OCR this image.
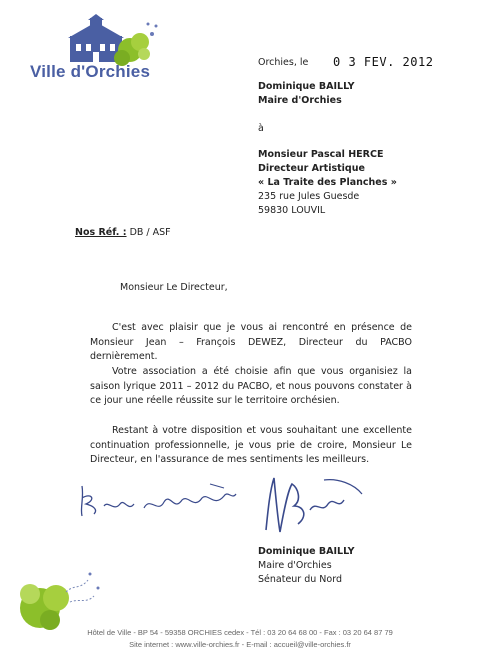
Ville d'Orchies	Orchies, le 0 3 FEV. 2012
Dominique BAILLY
Maire d'Orchies
à
Monsieur Pascal HERCE
Directeur Artistique
« La Traite des Planches »
235 rue Jules Guesde
59830 LOUVIL
Nos Réf. : DB / ASF
Monsieur Le Directeur,
C'est avec plaisir que je vous ai rencontré en présence de Monsieur Jean – François DEWEZ, Directeur du PACBO dernièrement.
Votre association a été choisie afin que vous organisiez la saison lyrique 2011 – 2012 du PACBO, et nous pouvons constater à ce jour une réelle réussite sur le territoire orchésien.
Restant à votre disposition et vous souhaitant une excellente continuation professionnelle, je vous prie de croire, Monsieur Le Directeur, en l'assurance de mes sentiments les meilleurs.
Dominique BAILLY
Maire d'Orchies
Sénateur du Nord
Hôtel de Ville - BP 54 - 59358 ORCHIES cedex - Tél : 03 20 64 68 00 - Fax : 03 20 64 87 79
Site internet : www.ville-orchies.fr - E-mail : accueil@ville-orchies.fr
